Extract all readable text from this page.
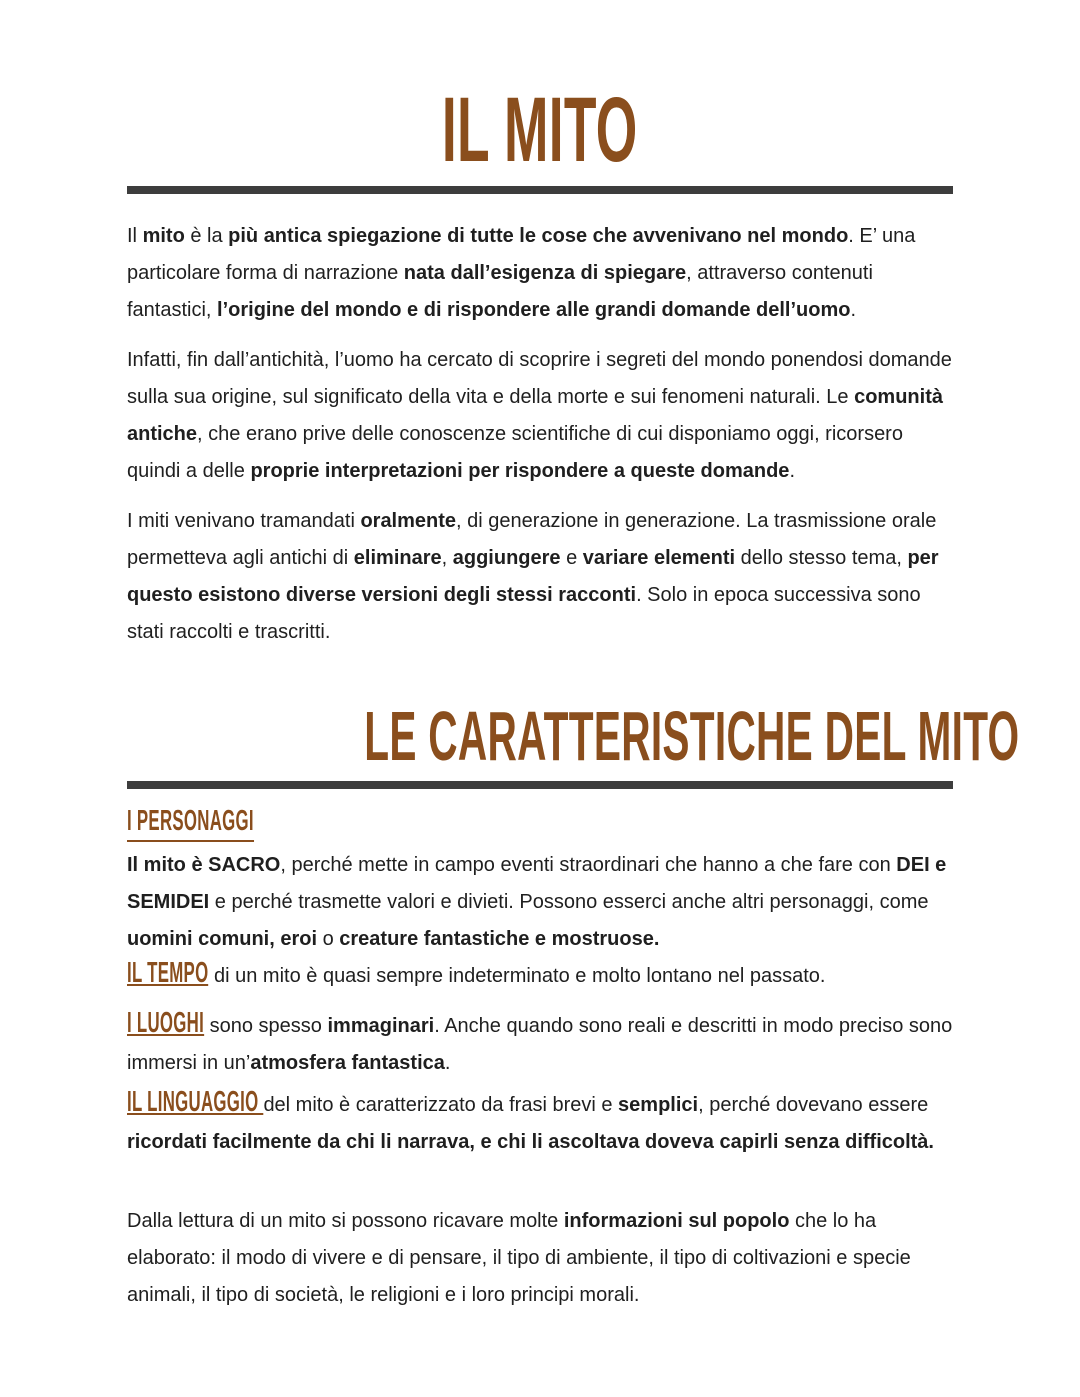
IL MITO

Il mito è la più antica spiegazione di tutte le cose che avvenivano nel mondo. E’ una particolare forma di narrazione nata dall’esigenza di spiegare, attraverso contenuti fantastici, l’origine del mondo e di rispondere alle grandi domande dell’uomo.

Infatti, fin dall’antichità, l’uomo ha cercato di scoprire i segreti del mondo ponendosi domande sulla sua origine, sul significato della vita e della morte e sui fenomeni naturali. Le comunità antiche, che erano prive delle conoscenze scientifiche di cui disponiamo oggi, ricorsero quindi a delle proprie interpretazioni per rispondere a queste domande.

I miti venivano tramandati oralmente, di generazione in generazione. La trasmissione orale permetteva agli antichi di eliminare, aggiungere e variare elementi dello stesso tema, per questo esistono diverse versioni degli stessi racconti. Solo in epoca successiva sono stati raccolti e trascritti.

LE CARATTERISTICHE DEL MITO
I PERSONAGGI

Il mito è SACRO, perché mette in campo eventi straordinari che hanno a che fare con DEI e SEMIDEI e perché trasmette valori e divieti. Possono esserci anche altri personaggi, come uomini comuni, eroi o creature fantastiche e mostruose.

IL TEMPO di un mito è quasi sempre indeterminato e molto lontano nel passato.

I LUOGHI sono spesso immaginari. Anche quando sono reali e descritti in modo preciso sono immersi in un’atmosfera fantastica.

IL LINGUAGGIO del mito è caratterizzato da frasi brevi e semplici, perché dovevano essere ricordati facilmente da chi li narrava, e chi li ascoltava doveva capirli senza difficoltà.

Dalla lettura di un mito si possono ricavare molte informazioni sul popolo che lo ha elaborato: il modo di vivere e di pensare, il tipo di ambiente, il tipo di coltivazioni e specie animali, il tipo di società, le religioni e i loro principi morali.
